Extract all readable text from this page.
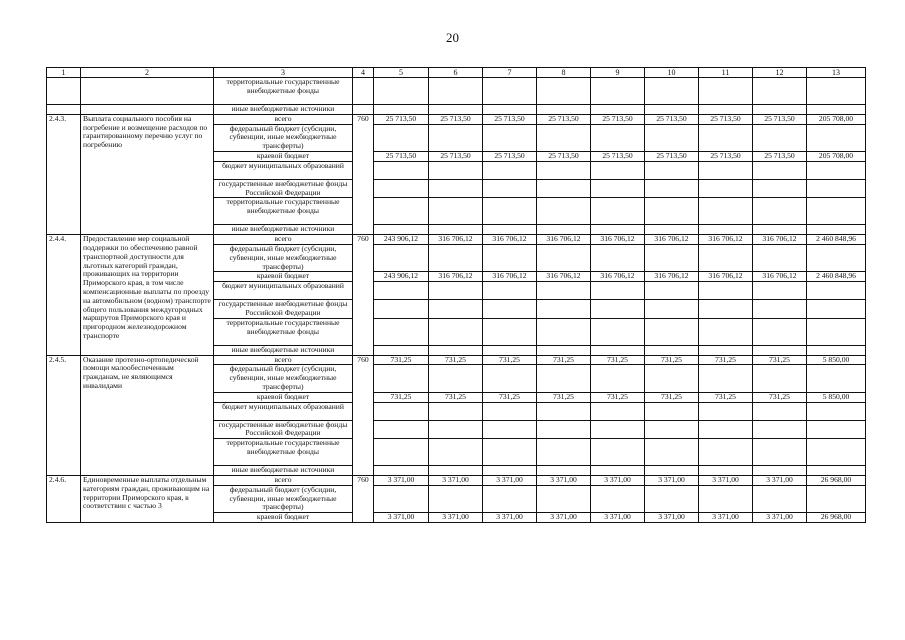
20
1	2	3	4	5	6	7	8	9	10	11	12	13
		территориальные государственные внебюджетные фонды										
		иные внебюджетные источники										
2.4.3.	Выплата социального пособия на погребение и возмещение расходов по гарантированному перечню услуг по погребению	всего	760	25 713,50	25 713,50	25 713,50	25 713,50	25 713,50	25 713,50	25 713,50	25 713,50	205 708,00
		федеральный бюджет (субсидии, субвенции, иные межбюджетные трансферты)										
		краевой бюджет		25 713,50	25 713,50	25 713,50	25 713,50	25 713,50	25 713,50	25 713,50	25 713,50	205 708,00
		бюджет муниципальных образований										
		государственные внебюджетные фонды Российской Федерации										
		территориальные государственные внебюджетные фонды										
		иные внебюджетные источники										
2.4.4.	Предоставление мер социальной поддержки по обеспечению равной транспортной доступности для льготных категорий граждан, проживающих на территории Приморского края, в том числе компенсационные выплаты по проезду на автомобильном (водном) транспорте общего пользования междугородных маршрутов Приморского края и пригородном железнодорожном транспорте	всего	760	243 906,12	316 706,12	316 706,12	316 706,12	316 706,12	316 706,12	316 706,12	316 706,12	2 460 848,96
		федеральный бюджет (субсидии, субвенции, иные межбюджетные трансферты)										
		краевой бюджет		243 906,12	316 706,12	316 706,12	316 706,12	316 706,12	316 706,12	316 706,12	316 706,12	2 460 848,96
		бюджет муниципальных образований										
		государственные внебюджетные фонды Российской Федерации										
		территориальные государственные внебюджетные фонды										
		иные внебюджетные источники										
2.4.5.	Оказание протезно-ортопедической помощи малообеспеченным гражданам, не являющимся инвалидами	всего	760	731,25	731,25	731,25	731,25	731,25	731,25	731,25	731,25	5 850,00
		федеральный бюджет (субсидии, субвенции, иные межбюджетные трансферты)										
		краевой бюджет		731,25	731,25	731,25	731,25	731,25	731,25	731,25	731,25	5 850,00
		бюджет муниципальных образований										
		государственные внебюджетные фонды Российской Федерации										
		территориальные государственные внебюджетные фонды										
		иные внебюджетные источники										
2.4.6.	Единовременные выплаты отдельным категориям граждан, проживающим на территории Приморского края, в соответствии с частью 3	всего	760	3 371,00	3 371,00	3 371,00	3 371,00	3 371,00	3 371,00	3 371,00	3 371,00	26 968,00
		федеральный бюджет (субсидии, субвенции, иные межбюджетные трансферты)										
		краевой бюджет		3 371,00	3 371,00	3 371,00	3 371,00	3 371,00	3 371,00	3 371,00	3 371,00	26 968,00
